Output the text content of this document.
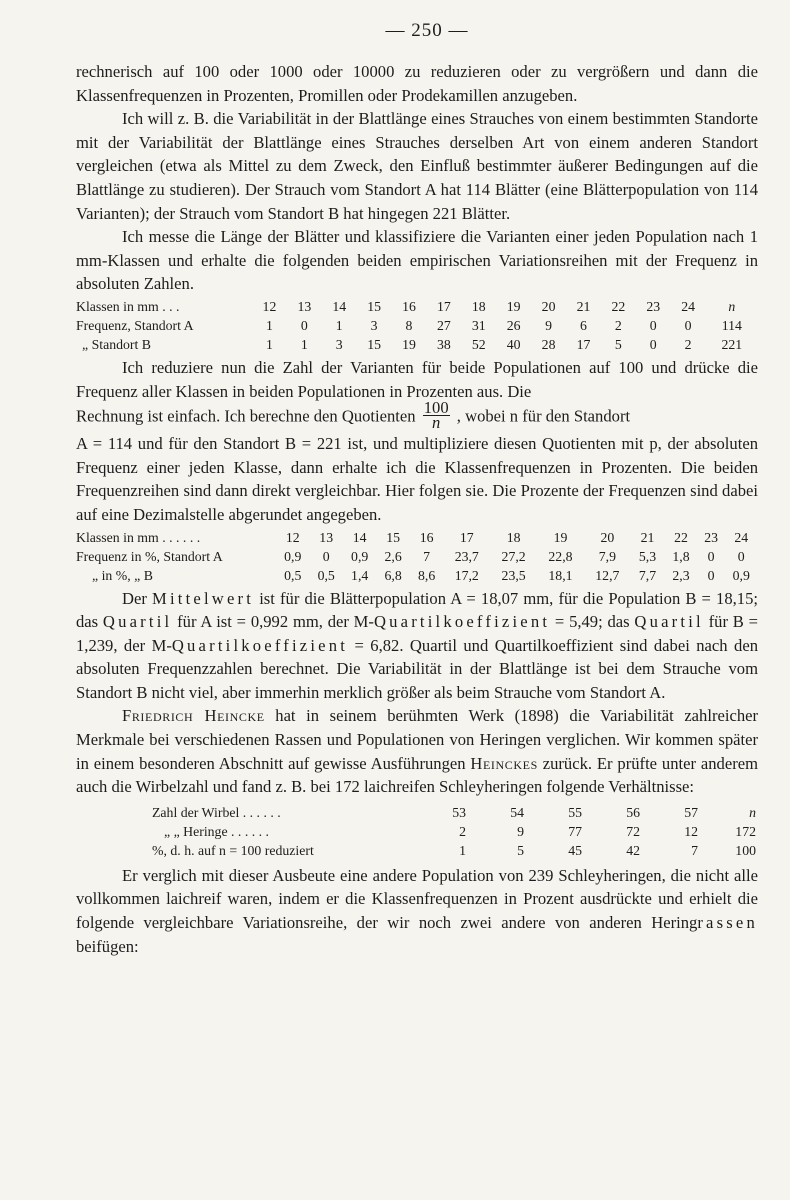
— 250 —

rechnerisch auf 100 oder 1000 oder 10000 zu reduzieren oder zu vergrößern und dann die Klassenfrequenzen in Prozenten, Promillen oder Prodekamillen anzugeben.

Ich will z. B. die Variabilität in der Blattlänge eines Strauches von einem bestimmten Standorte mit der Variabilität der Blattlänge eines Strauches derselben Art von einem anderen Standort vergleichen (etwa als Mittel zu dem Zweck, den Einfluß bestimmter äußerer Bedingungen auf die Blattlänge zu studieren). Der Strauch vom Standort A hat 114 Blätter (eine Blätterpopulation von 114 Varianten); der Strauch vom Standort B hat hingegen 221 Blätter.

Ich messe die Länge der Blätter und klassifiziere die Varianten einer jeden Population nach 1 mm-Klassen und erhalte die folgenden beiden empirischen Variationsreihen mit der Frequenz in absoluten Zahlen.

Klassen in mm . . .	12	13	14	15	16	17	18	19	20	21	22	23	24	n
Frequenz, Standort A	1	0	1	3	8	27	31	26	9	6	2	0	0	114
„ Standort B	1	1	3	15	19	38	52	40	28	17	5	0	2	221

Ich reduziere nun die Zahl der Varianten für beide Populationen auf 100 und drücke die Frequenz aller Klassen in beiden Populationen in Prozenten aus. Die

Rechnung ist einfach. Ich berechne den Quotienten $\frac{100}{n}$ , wobei n für den Standort

A = 114 und für den Standort B = 221 ist, und multipliziere diesen Quotienten mit p, der absoluten Frequenz einer jeden Klasse, dann erhalte ich die Klassenfrequenzen in Prozenten. Die beiden Frequenzreihen sind dann direkt vergleichbar. Hier folgen sie. Die Prozente der Frequenzen sind dabei auf eine Dezimalstelle abgerundet angegeben.

Klassen in mm . . . . . .	12	13	14	15	16	17	18	19	20	21	22	23	24
Frequenz in %, Standort A	0,9	0	0,9	2,6	7	23,7	27,2	22,8	7,9	5,3	1,8	0	0
„ in %, „ B	0,5	0,5	1,4	6,8	8,6	17,2	23,5	18,1	12,7	7,7	2,3	0	0,9

Der Mittelwert ist für die Blätterpopulation A = 18,07 mm, für die Population B = 18,15; das Quartil für A ist = 0,992 mm, der M-Quartilkoeffizient = 5,49; das Quartil für B = 1,239, der M-Quartilkoeffizient = 6,82. Quartil und Quartilkoeffizient sind dabei nach den absoluten Frequenzzahlen berechnet. Die Variabilität in der Blattlänge ist bei dem Strauche vom Standort B nicht viel, aber immerhin merklich größer als beim Strauche vom Standort A.

Friedrich Heincke hat in seinem berühmten Werk (1898) die Variabilität zahlreicher Merkmale bei verschiedenen Rassen und Populationen von Heringen verglichen. Wir kommen später in einem besonderen Abschnitt auf gewisse Ausführungen Heinckes zurück. Er prüfte unter anderem auch die Wirbelzahl und fand z. B. bei 172 laichreifen Schleyheringen folgende Verhältnisse:

Zahl der Wirbel . . . . . .	53	54	55	56	57	n
„ „ Heringe . . . . . .	2	9	77	72	12	172
%, d. h. auf n = 100 reduziert	1	5	45	42	7	100

Er verglich mit dieser Ausbeute eine andere Population von 239 Schleyheringen, die nicht alle vollkommen laichreif waren, indem er die Klassenfrequenzen in Prozent ausdrückte und erhielt die folgende vergleichbare Variationsreihe, der wir noch zwei andere von anderen Heringrassen beifügen:
